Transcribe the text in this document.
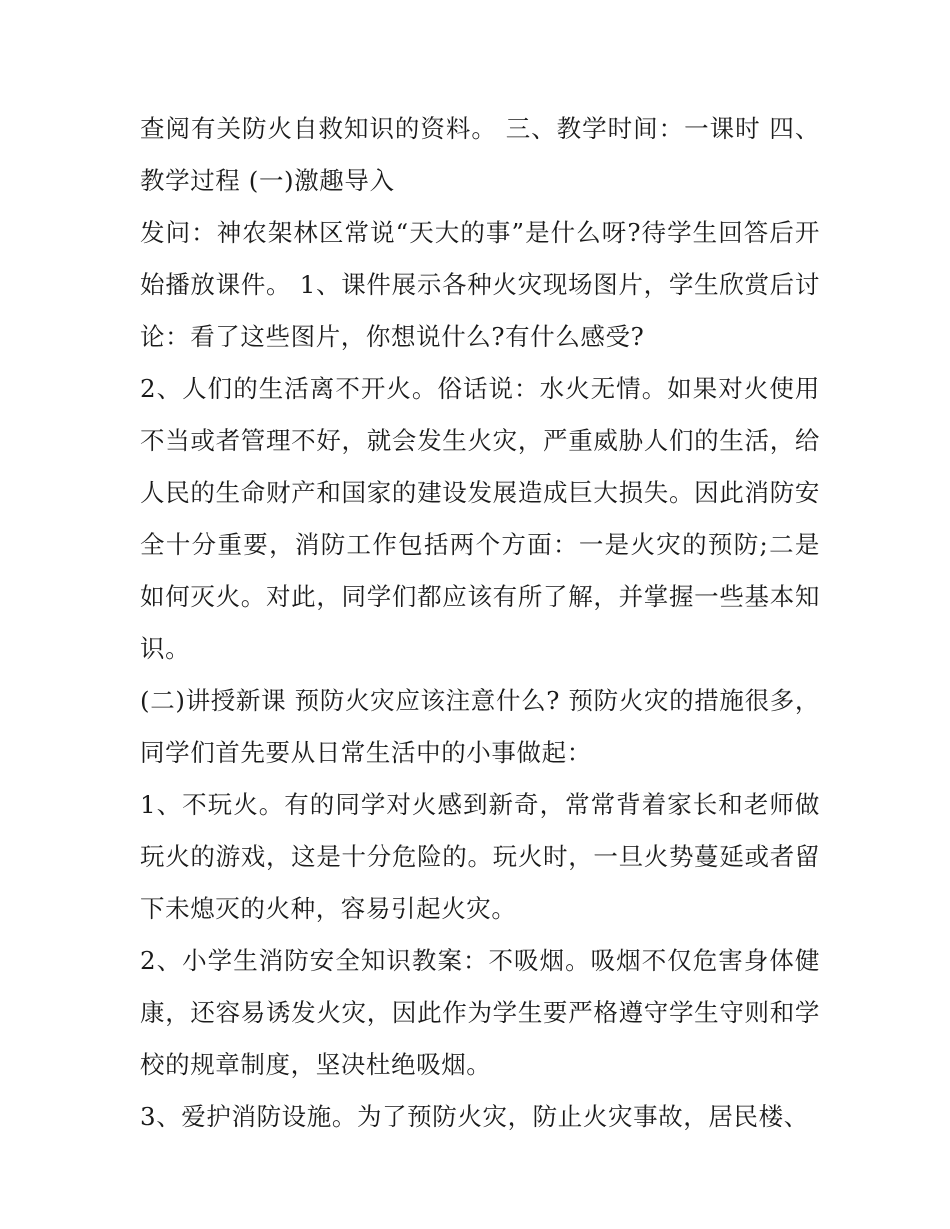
查阅有关防火自救知识的资料。 三、教学时间：一课时 四、教学过程 (一)激趣导入

发问：神农架林区常说“天大的事”是什么呀?待学生回答后开始播放课件。 1、课件展示各种火灾现场图片，学生欣赏后讨论：看了这些图片，你想说什么?有什么感受?

2、人们的生活离不开火。俗话说：水火无情。如果对火使用不当或者管理不好，就会发生火灾，严重威胁人们的生活，给人民的生命财产和国家的建设发展造成巨大损失。因此消防安全十分重要，消防工作包括两个方面：一是火灾的预防;二是如何灭火。对此，同学们都应该有所了解，并掌握一些基本知识。

(二)讲授新课 预防火灾应该注意什么? 预防火灾的措施很多，同学们首先要从日常生活中的小事做起：

1、不玩火。有的同学对火感到新奇，常常背着家长和老师做玩火的游戏，这是十分危险的。玩火时，一旦火势蔓延或者留下未熄灭的火种，容易引起火灾。

2、小学生消防安全知识教案：不吸烟。吸烟不仅危害身体健康，还容易诱发火灾，因此作为学生要严格遵守学生守则和学校的规章制度，坚决杜绝吸烟。

3、爱护消防设施。为了预防火灾，防止火灾事故，居民楼、
